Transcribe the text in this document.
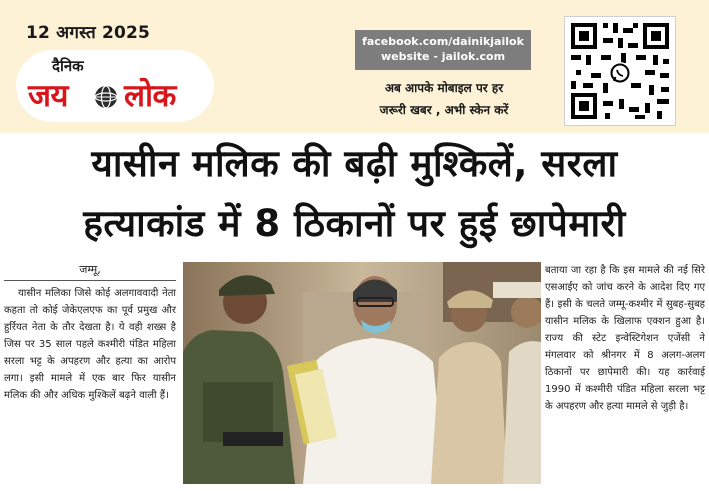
12 अगस्त 2025
दैनिक
जय लोक
facebook.com/dainikjailok
website - jailok.com
अब आपके मोबाइल पर हर
जरूरी खबर , अभी स्केन करें
यासीन मलिक की बढ़ी मुश्किलें, सरला
हत्याकांड में 8 ठिकानों पर हुई छापेमारी
जम्मू,

यासीन मलिका जिसे कोई अलगाववादी नेता कहता तो कोई जेकेएलएफ का पूर्व प्रमुख और हुर्रियत नेता के तौर देखता है। ये वही शख्स है जिस पर 35 साल पहले कश्मीरी पंडित महिला सरला भट्ट के अपहरण और हत्या का आरोप लगा। इसी मामले में एक बार फिर यासीन मलिक की और अधिक मुश्किलें बढ़ने वाली हैं।

बताया जा रहा है कि इस मामले की नई सिरे एसआईए को जांच करने के आदेश दिए गए हैं। इसी के चलते जम्मू-कश्मीर में सुबह-सुबह यासीन मलिक के खिलाफ एक्शन हुआ है। राज्य की स्टेट इन्वेस्टिगेशन एजेंसी ने मंगलवार को श्रीनगर में 8 अलग-अलग ठिकानों पर छापेमारी की। यह कार्रवाई 1990 में कश्मीरी पंडित महिला सरला भट्ट के अपहरण और हत्या मामले से जुड़ी है।
